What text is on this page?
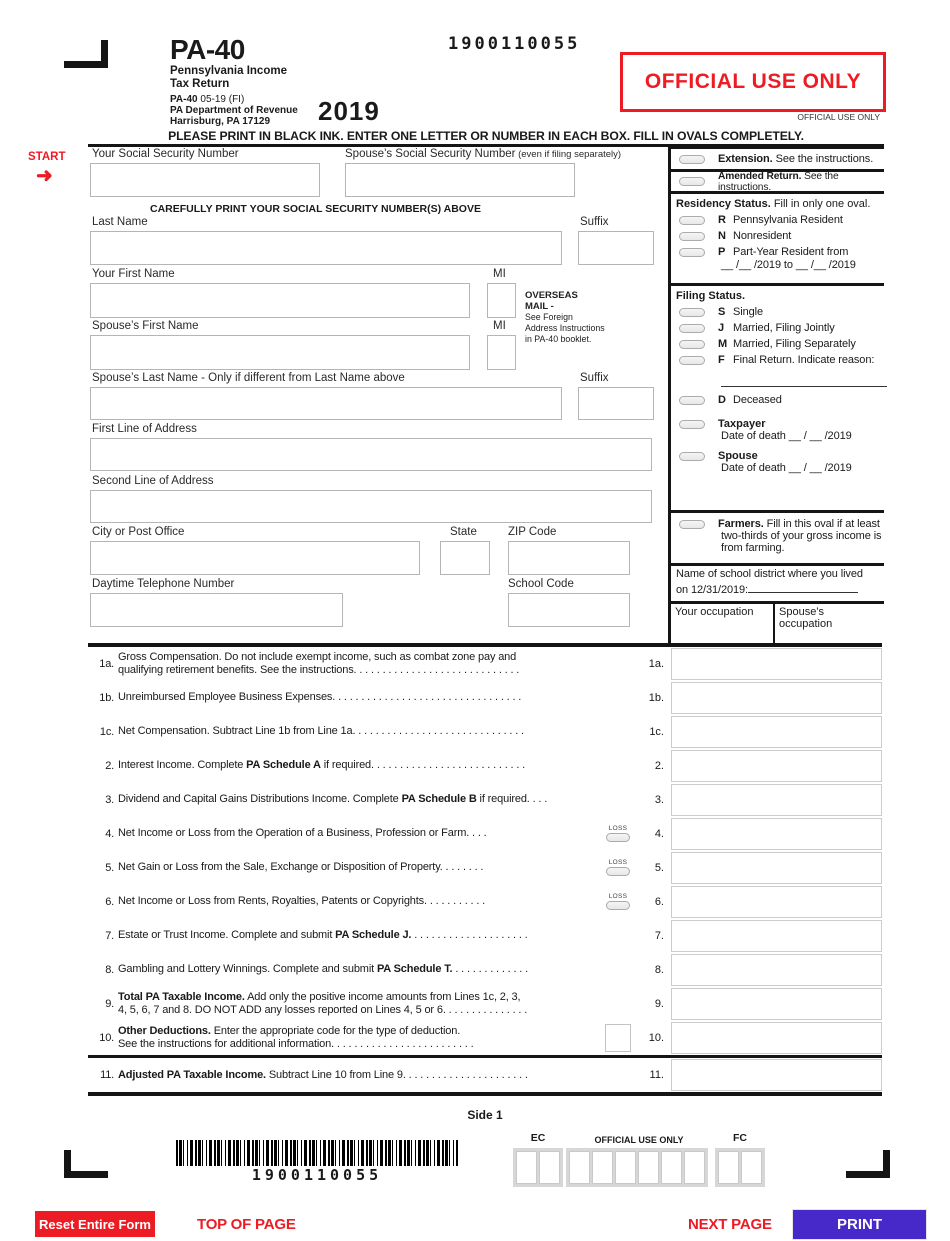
PA-40
Pennsylvania Income
Tax Return
PA-40 05-19 (FI)
PA Department of Revenue
Harrisburg, PA 17129 2019
1900110055
OFFICIAL USE ONLY
OFFICIAL USE ONLY
PLEASE PRINT IN BLACK INK. ENTER ONE LETTER OR NUMBER IN EACH BOX. FILL IN OVALS COMPLETELY.
START
➜
Your Social Security Number	Spouse’s Social Security Number (even if filing separately)
CAREFULLY PRINT YOUR SOCIAL SECURITY NUMBER(S) ABOVE
Last Name	Suffix
Your First Name	MI
OVERSEAS
MAIL -
See Foreign
Address Instructions
in PA-40 booklet.
Spouse’s First Name	MI
Spouse’s Last Name - Only if different from Last Name above	Suffix
First Line of Address
Second Line of Address
City or Post Office	State	ZIP Code
Daytime Telephone Number	School Code
Extension. See the instructions.
Amended Return. See the instructions.
Residency Status. Fill in only one oval.
R Pennsylvania Resident
N Nonresident
P Part-Year Resident from
__ /__ /2019 to __ /__ /2019
Filing Status.
S Single
J Married, Filing Jointly
M Married, Filing Separately
F Final Return. Indicate reason:
D Deceased
Taxpayer
Date of death __ / __ /2019
Spouse
Date of death __ / __ /2019
Farmers. Fill in this oval if at least
two-thirds of your gross income is
from farming.
Name of school district where you lived
on 12/31/2019:
Your occupation	Spouse’s occupation
1a.
Gross Compensation. Do not include exempt income, such as combat zone pay and
qualifying retirement benefits. See the instructions. . . . . . . . . . . . . . . . . . . . . . . . . . . . .	1a.
1b. Unreimbursed Employee Business Expenses. . . . . . . . . . . . . . . . . . . . . . . . . . . . . . . . .	1b.
1c. Net Compensation. Subtract Line 1b from Line 1a. . . . . . . . . . . . . . . . . . . . . . . . . . . . . .	1c.
2. Interest Income. Complete PA Schedule A if required. . . . . . . . . . . . . . . . . . . . . . . . . . .	2.
3. Dividend and Capital Gains Distributions Income. Complete PA Schedule B if required. . . .	3.
4. Net Income or Loss from the Operation of a Business, Profession or Farm. . . .	LOSS	4.
5. Net Gain or Loss from the Sale, Exchange or Disposition of Property. . . . . . . .	LOSS	5.
6. Net Income or Loss from Rents, Royalties, Patents or Copyrights. . . . . . . . . . .	LOSS	6.
7. Estate or Trust Income. Complete and submit PA Schedule J. . . . . . . . . . . . . . . . . . . . .	7.
8. Gambling and Lottery Winnings. Complete and submit PA Schedule T. . . . . . . . . . . . . .	8.
9.
Total PA Taxable Income. Add only the positive income amounts from Lines 1c, 2, 3,
4, 5, 6, 7 and 8. DO NOT ADD any losses reported on Lines 4, 5 or 6. . . . . . . . . . . . . . .	9.
10.
Other Deductions. Enter the appropriate code for the type of deduction.
See the instructions for additional information. . . . . . . . . . . . . . . . . . . . . . . . .	10.
11. Adjusted PA Taxable Income. Subtract Line 10 from Line 9. . . . . . . . . . . . . . . . . . . . . .	11.
Side 1
1900110055
EC	OFFICIAL USE ONLY	FC
Reset Entire Form	TOP OF PAGE	NEXT PAGE	PRINT
